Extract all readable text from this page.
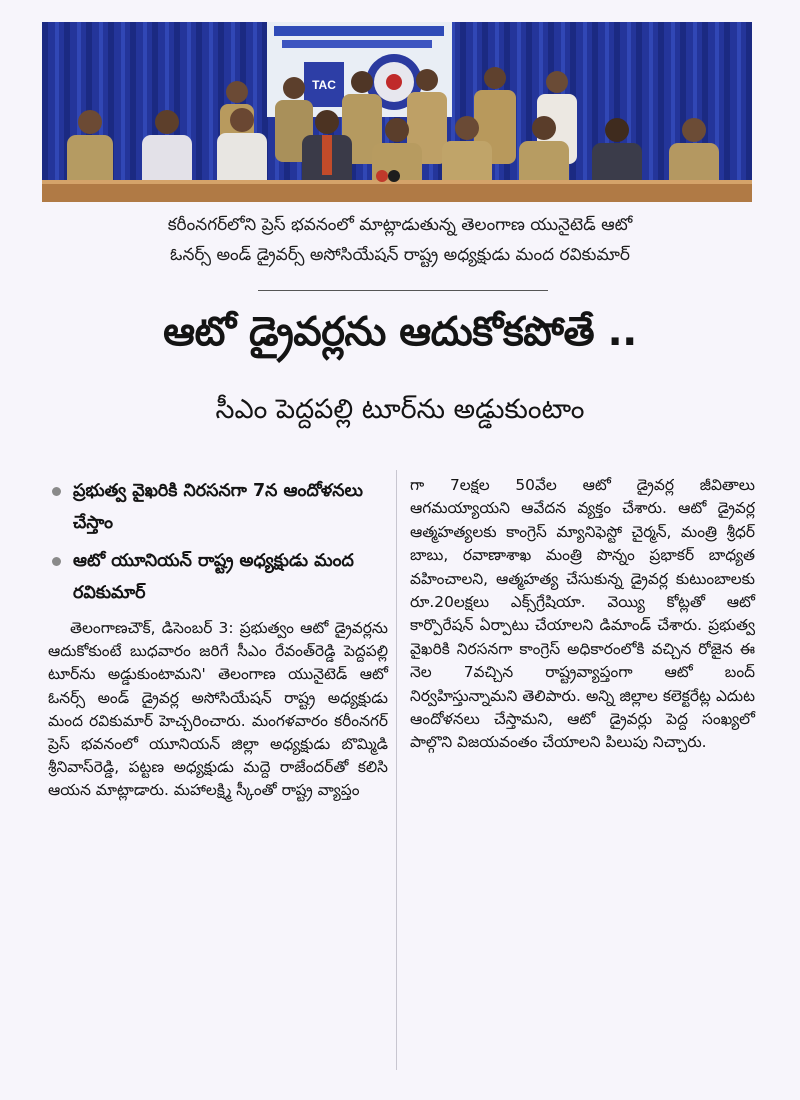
TAC
కరీంనగర్‌లోని ప్రెస్ భవనంలో మాట్లాడుతున్న తెలంగాణ యునైటెడ్ ఆటో
ఓనర్స్ అండ్ డ్రైవర్స్ అసోసియేషన్ రాష్ట్ర అధ్యక్షుడు మంద రవికుమార్
ఆటో డ్రైవర్లను ఆదుకోకపోతే ..
సీఎం పెద్దపల్లి టూర్‌ను అడ్డుకుంటాం
ప్రభుత్వ వైఖరికి నిరసనగా 7న ఆందోళనలు చేస్తాం
ఆటో యూనియన్ రాష్ట్ర అధ్యక్షుడు మంద రవికుమార్
తెలంగాణచౌక్, డిసెంబర్ 3: ప్రభుత్వం ఆటో డ్రైవర్లను ఆదుకోకుంటే బుధవారం జరిగే సీఎం రేవంత్‌రెడ్డి పెద్దపల్లి టూర్‌ను అడ్డుకుంటామని' తెలంగాణ యునైటెడ్ ఆటో ఓనర్స్ అండ్ డ్రైవర్ల అసోసియేషన్ రాష్ట్ర అధ్యక్షుడు మంద రవికుమార్ హెచ్చరించారు. మంగళవారం కరీంనగర్ ప్రెస్ భవనంలో యూనియన్ జిల్లా అధ్యక్షుడు బొమ్మిడి శ్రీనివాస్‌రెడ్డి, పట్టణ అధ్యక్షుడు మద్దె రాజేందర్‌తో కలిసి ఆయన మాట్లాడారు. మహాలక్ష్మి స్కీంతో రాష్ట్ర వ్యాప్తం
గా 7లక్షల 50వేల ఆటో డ్రైవర్ల జీవితాలు ఆగమయ్యాయని ఆవేదన వ్యక్తం చేశారు. ఆటో డ్రైవర్ల ఆత్మహత్యలకు కాంగ్రెస్ మ్యానిఫెస్టో చైర్మన్, మంత్రి శ్రీధర్ బాబు, రవాణాశాఖ మంత్రి పొన్నం ప్రభాకర్ బాధ్యత వహించాలని, ఆత్మహత్య చేసుకున్న డ్రైవర్ల కుటుంబాలకు రూ.20లక్షలు ఎక్స్‌గ్రేషియా. వెయ్యి కోట్లతో ఆటో కార్పొరేషన్ ఏర్పాటు చేయాలని డిమాండ్ చేశారు. ప్రభుత్వ వైఖరికి నిరసనగా కాంగ్రెస్ అధికారంలోకి వచ్చిన రోజైన ఈ నెల 7వచ్చిన రాష్ట్రవ్యాప్తంగా ఆటో బంద్ నిర్వహిస్తున్నామని తెలిపారు. అన్ని జిల్లాల కలెక్టరేట్ల ఎదుట ఆందోళనలు చేస్తామని, ఆటో డ్రైవర్లు పెద్ద సంఖ్యలో పాల్గొని విజయవంతం చేయాలని పిలుపు నిచ్చారు.
